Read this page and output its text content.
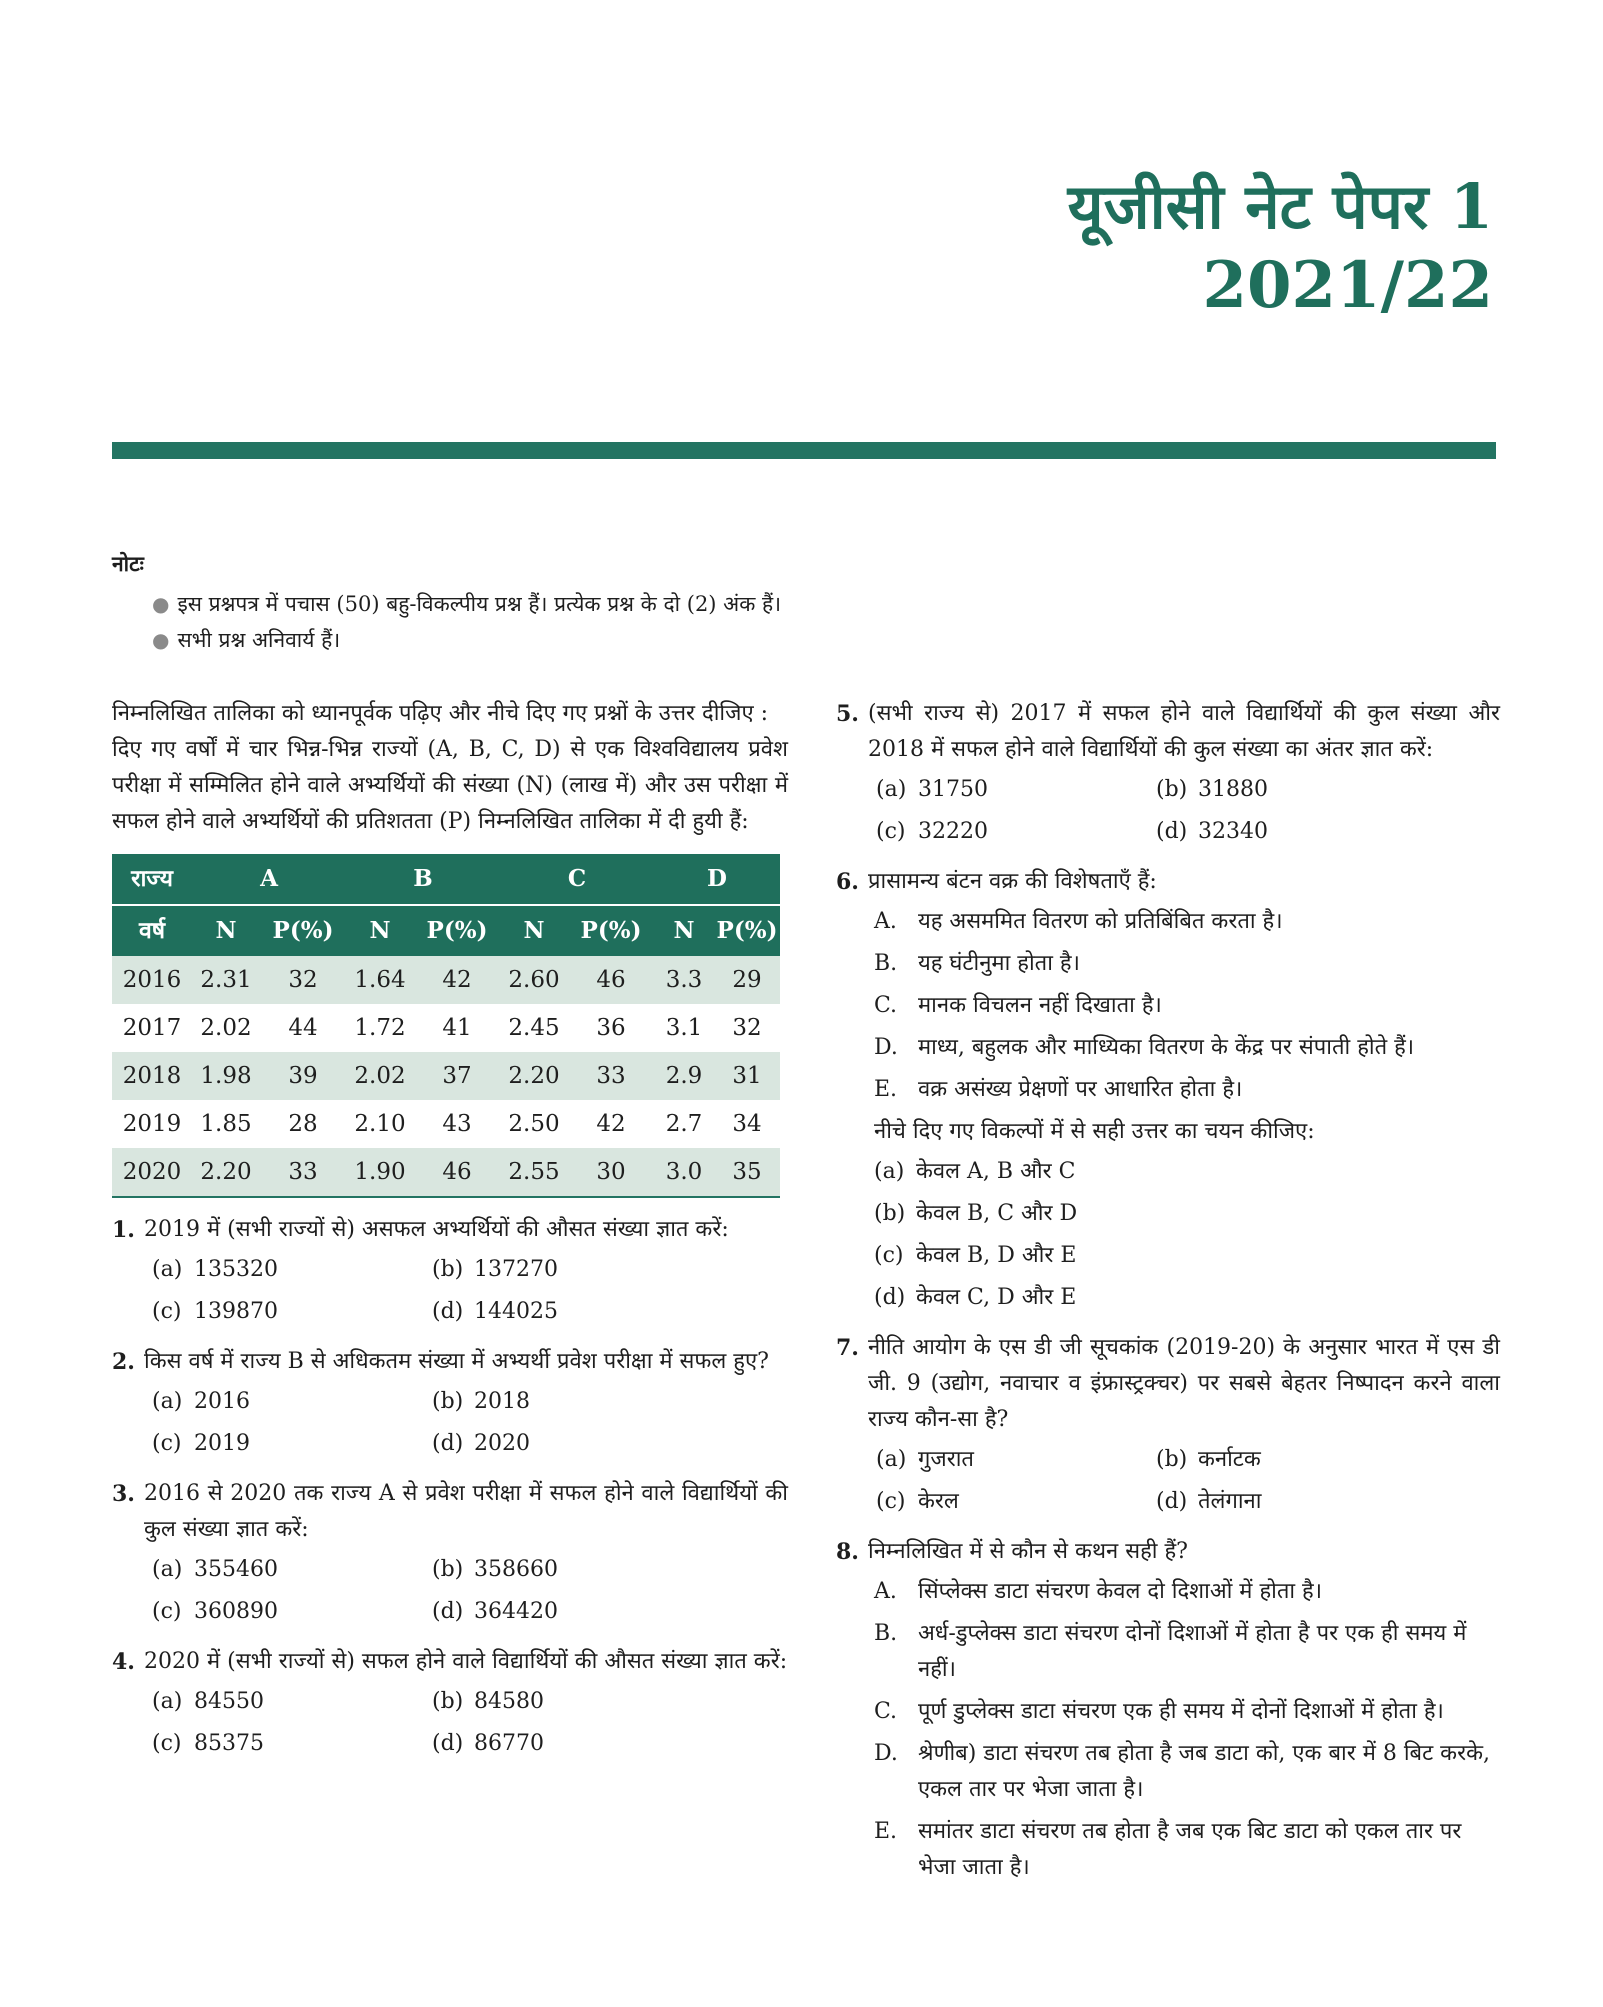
यूजीसी नेट पेपर 1
2021/22
नोटः
● इस प्रश्नपत्र में पचास (50) बहु-विकल्पीय प्रश्न हैं। प्रत्येक प्रश्न के दो (2) अंक हैं।
● सभी प्रश्न अनिवार्य हैं।

निम्नलिखित तालिका को ध्यानपूर्वक पढ़िए और नीचे दिए गए प्रश्नों के उत्तर दीजिए :

दिए गए वर्षों में चार भिन्न-भिन्न राज्यों (A, B, C, D) से एक विश्वविद्यालय प्रवेश परीक्षा में सम्मिलित होने वाले अभ्यर्थियों की संख्या (N) (लाख में) और उस परीक्षा में सफल होने वाले अभ्यर्थियों की प्रतिशतता (P) निम्नलिखित तालिका में दी हुयी हैं:

राज्य	A		B		C		D	
वर्ष	N	P(%)	N	P(%)	N	P(%)	N	P(%)
2016	2.31	32	1.64	42	2.60	46	3.3	29
2017	2.02	44	1.72	41	2.45	36	3.1	32
2018	1.98	39	2.02	37	2.20	33	2.9	31
2019	1.85	28	2.10	43	2.50	42	2.7	34
2020	2.20	33	1.90	46	2.55	30	3.0	35
1. 2019 में (सभी राज्यों से) असफल अभ्यर्थियों की औसत संख्या ज्ञात करें:
(a) 135320	(b) 137270
(c) 139870	(d) 144025
2. किस वर्ष में राज्य B से अधिकतम संख्या में अभ्यर्थी प्रवेश परीक्षा में सफल हुए?
(a) 2016	(b) 2018
(c) 2019	(d) 2020
3. 2016 से 2020 तक राज्य A से प्रवेश परीक्षा में सफल होने वाले विद्यार्थियों की कुल संख्या ज्ञात करें:
(a) 355460	(b) 358660
(c) 360890	(d) 364420
4. 2020 में (सभी राज्यों से) सफल होने वाले विद्यार्थियों की औसत संख्या ज्ञात करें:
(a) 84550	(b) 84580
(c) 85375	(d) 86770
5. (सभी राज्य से) 2017 में सफल होने वाले विद्यार्थियों की कुल संख्या और 2018 में सफल होने वाले विद्यार्थियों की कुल संख्या का अंतर ज्ञात करें:
(a) 31750	(b) 31880
(c) 32220	(d) 32340
6. प्रासामन्य बंटन वक्र की विशेषताएँ हैं:
A. यह असममित वितरण को प्रतिबिंबित करता है।
B. यह घंटीनुमा होता है।
C. मानक विचलन नहीं दिखाता है।
D. माध्य, बहुलक और माध्यिका वितरण के केंद्र पर संपाती होते हैं।
E. वक्र असंख्य प्रेक्षणों पर आधारित होता है।
नीचे दिए गए विकल्पों में से सही उत्तर का चयन कीजिए:
(a) केवल A, B और C
(b) केवल B, C और D
(c) केवल B, D और E
(d) केवल C, D और E
7. नीति आयोग के एस डी जी सूचकांक (2019-20) के अनुसार भारत में एस डी जी. 9 (उद्योग, नवाचार व इंफ्रास्ट्रक्चर) पर सबसे बेहतर निष्पादन करने वाला राज्य कौन-सा है?
(a) गुजरात	(b) कर्नाटक
(c) केरल	(d) तेलंगाना
8. निम्नलिखित में से कौन से कथन सही हैं?
A. सिंप्लेक्स डाटा संचरण केवल दो दिशाओं में होता है।
B. अर्ध-डुप्लेक्स डाटा संचरण दोनों दिशाओं में होता है पर एक ही समय में नहीं।
C. पूर्ण डुप्लेक्स डाटा संचरण एक ही समय में दोनों दिशाओं में होता है।
D. श्रेणीब) डाटा संचरण तब होता है जब डाटा को, एक बार में 8 बिट करके, एकल तार पर भेजा जाता है।
E. समांतर डाटा संचरण तब होता है जब एक बिट डाटा को एकल तार पर भेजा जाता है।
